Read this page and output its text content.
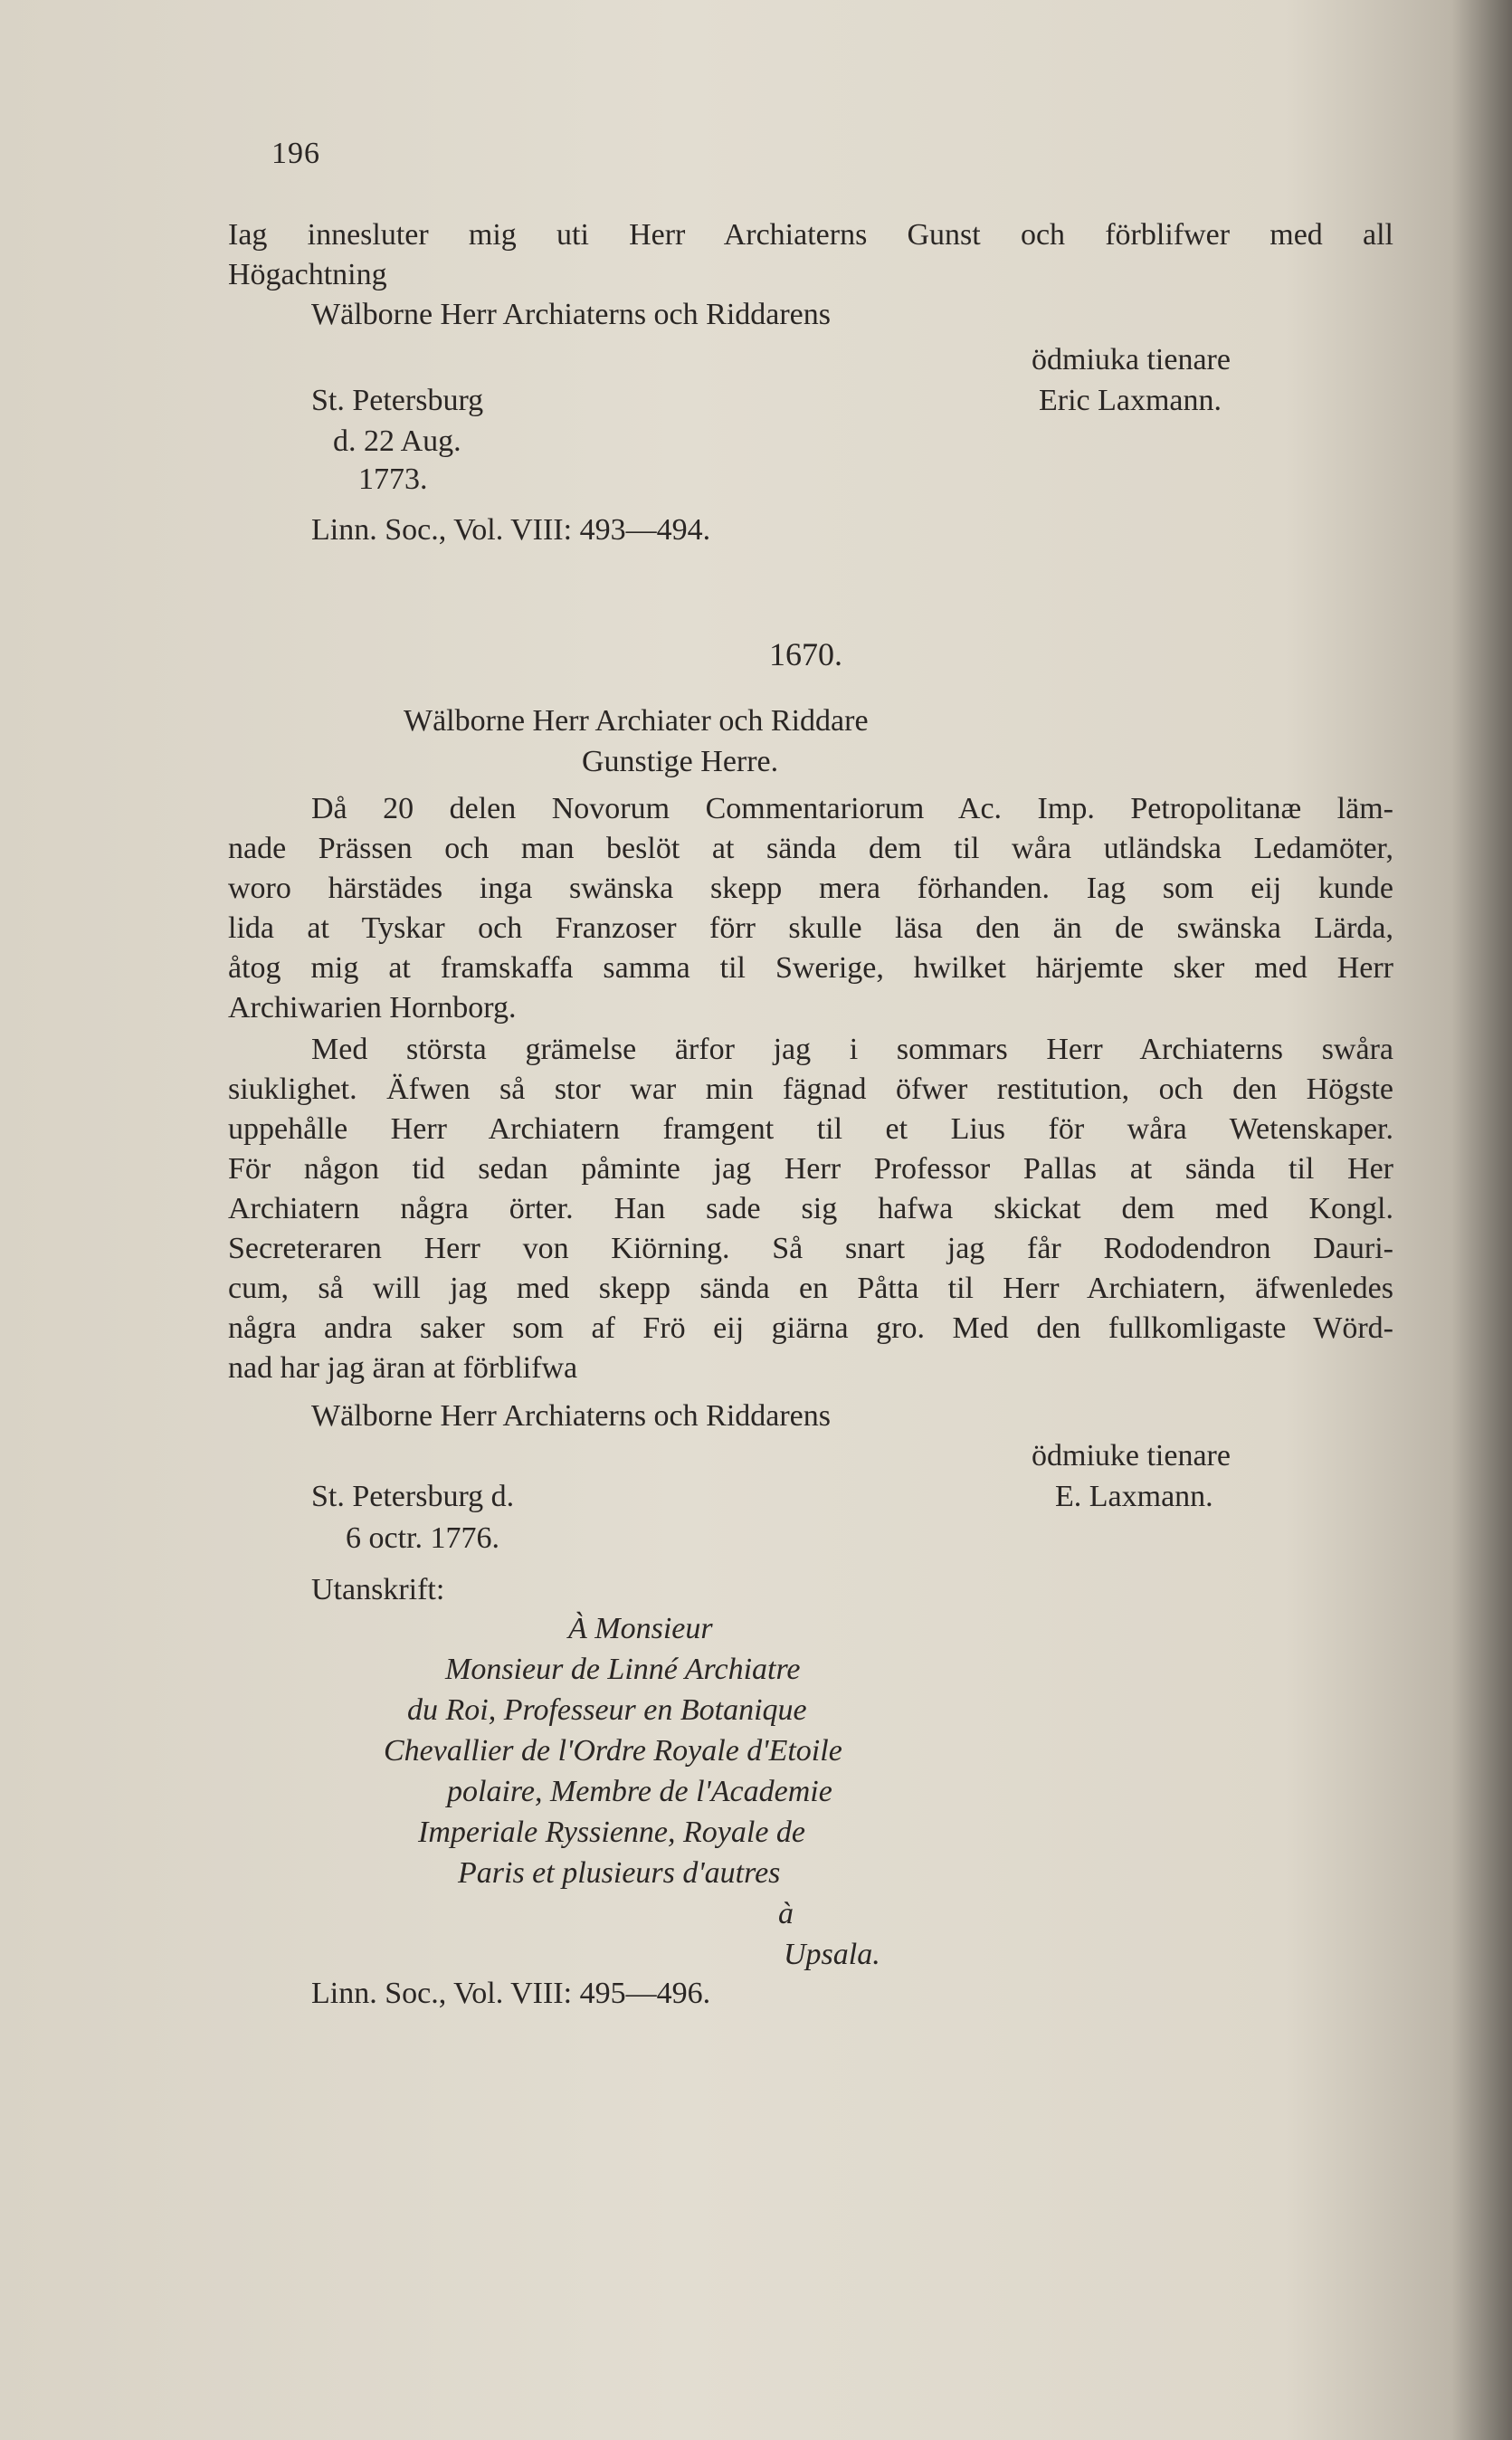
196
Iag innesluter mig uti Herr Archiaterns Gunst och förblifwer med all
Högachtning
Wälborne Herr Archiaterns och Riddarens
ödmiuka tienare
St. Petersburg	Eric Laxmann.
d. 22 Aug.
1773.
Linn. Soc., Vol. VIII: 493—494.
1670.
Wälborne Herr Archiater och Riddare
Gunstige Herre.
Då 20 delen Novorum Commentariorum Ac. Imp. Petropolitanæ läm-
nade Prässen och man beslöt at sända dem til wåra utländska Ledamöter,
woro härstädes inga swänska skepp mera förhanden. Iag som eij kunde
lida at Tyskar och Franzoser förr skulle läsa den än de swänska Lärda,
åtog mig at framskaffa samma til Swerige, hwilket härjemte sker med Herr
Archiwarien Hornborg.
Med största grämelse ärfor jag i sommars Herr Archiaterns swåra
siuklighet. Äfwen så stor war min fägnad öfwer restitution, och den Högste
uppehålle Herr Archiatern framgent til et Lius för wåra Wetenskaper.
För någon tid sedan påminte jag Herr Professor Pallas at sända til Her
Archiatern några örter. Han sade sig hafwa skickat dem med Kongl.
Secreteraren Herr von Kiörning. Så snart jag får Rododendron Dauri-
cum, så will jag med skepp sända en Påtta til Herr Archiatern, äfwenledes
några andra saker som af Frö eij giärna gro. Med den fullkomligaste Wörd-
nad har jag äran at förblifwa
Wälborne Herr Archiaterns och Riddarens
ödmiuke tienare
St. Petersburg d.	E. Laxmann.
6 octr. 1776.
Utanskrift:
À Monsieur
Monsieur de Linné Archiatre
du Roi, Professeur en Botanique
Chevallier de l'Ordre Royale d'Etoile
polaire, Membre de l'Academie
Imperiale Ryssienne, Royale de
Paris et plusieurs d'autres
à
Upsala.
Linn. Soc., Vol. VIII: 495—496.
